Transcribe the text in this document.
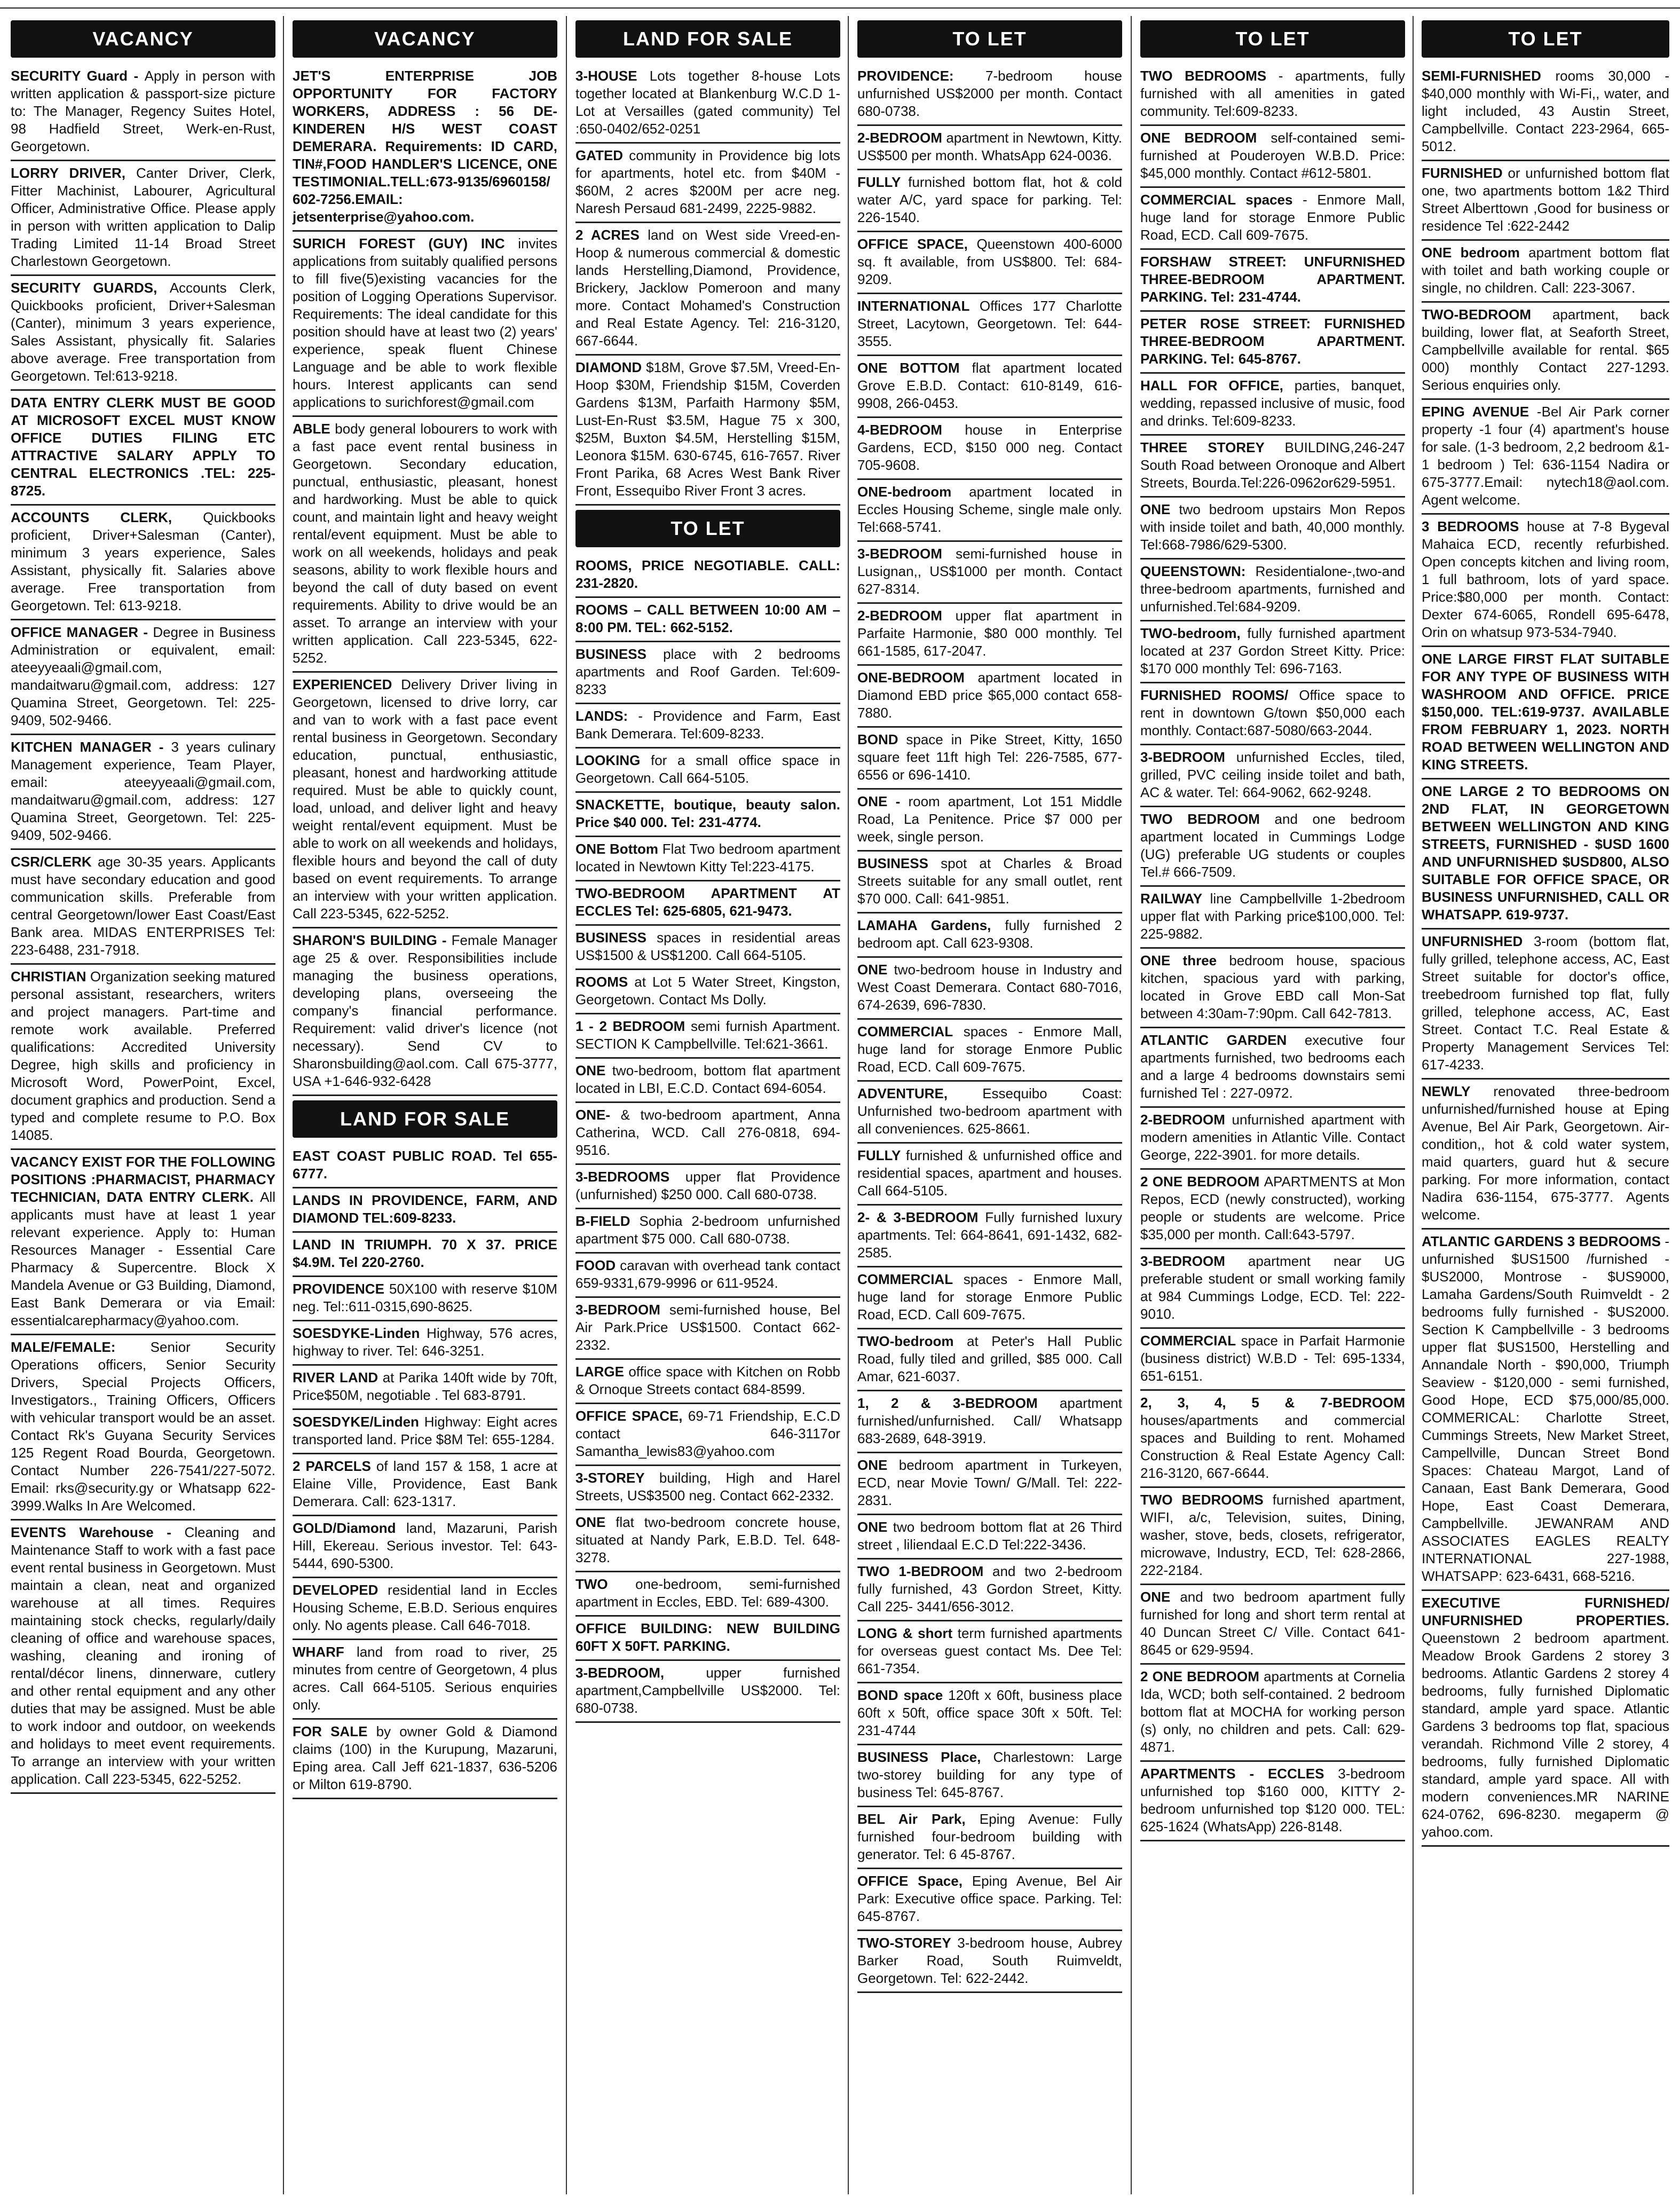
VACANCY
SECURITY Guard - Apply in person with written application & passport-size picture to: The Manager, Regency Suites Hotel, 98 Hadfield Street, Werk-en-Rust, Georgetown.
LORRY DRIVER, Canter Driver, Clerk, Fitter Machinist, Labourer, Agricultural Officer, Administrative Office. Please apply in person with written application to Dalip Trading Limited 11-14 Broad Street Charlestown Georgetown.
SECURITY GUARDS, Accounts Clerk, Quickbooks proficient, Driver+Salesman (Canter), minimum 3 years experience, Sales Assistant, physically fit. Salaries above average. Free transportation from Georgetown. Tel:613-9218.
DATA ENTRY CLERK MUST BE GOOD AT MICROSOFT EXCEL MUST KNOW OFFICE DUTIES FILING ETC ATTRACTIVE SALARY APPLY TO CENTRAL ELECTRONICS .TEL: 225-8725.
ACCOUNTS CLERK, Quickbooks proficient, Driver+Salesman (Canter), minimum 3 years experience, Sales Assistant, physically fit. Salaries above average. Free transportation from Georgetown. Tel: 613-9218.
OFFICE MANAGER - Degree in Business Administration or equivalent, email: ateeyyeaali@gmail.com, mandaitwaru@gmail.com, address: 127 Quamina Street, Georgetown. Tel: 225-9409, 502-9466.
KITCHEN MANAGER - 3 years culinary Management experience, Team Player, email: ateeyyeaali@gmail.com, mandaitwaru@gmail.com, address: 127 Quamina Street, Georgetown. Tel: 225-9409, 502-9466.
CSR/CLERK age 30-35 years. Applicants must have secondary education and good communication skills. Preferable from central Georgetown/lower East Coast/East Bank area. MIDAS ENTERPRISES Tel: 223-6488, 231-7918.
CHRISTIAN Organization seeking matured personal assistant, researchers, writers and project managers. Part-time and remote work available. Preferred qualifications: Accredited University Degree, high skills and proficiency in Microsoft Word, PowerPoint, Excel, document graphics and production. Send a typed and complete resume to P.O. Box 14085.
VACANCY EXIST FOR THE FOLLOWING POSITIONS :PHARMACIST, PHARMACY TECHNICIAN, DATA ENTRY CLERK. All applicants must have at least 1 year relevant experience. Apply to: Human Resources Manager - Essential Care Pharmacy & Supercentre. Block X Mandela Avenue or G3 Building, Diamond, East Bank Demerara or via Email: essentialcarepharmacy@yahoo.com.
MALE/FEMALE: Senior Security Operations officers, Senior Security Drivers, Special Projects Officers, Investigators., Training Officers, Officers with vehicular transport would be an asset. Contact Rk's Guyana Security Services 125 Regent Road Bourda, Georgetown. Contact Number 226-7541/227-5072. Email: rks@security.gy or Whatsapp 622-3999.Walks In Are Welcomed.
EVENTS Warehouse - Cleaning and Maintenance Staff to work with a fast pace event rental business in Georgetown. Must maintain a clean, neat and organized warehouse at all times. Requires maintaining stock checks, regularly/daily cleaning of office and warehouse spaces, washing, cleaning and ironing of rental/décor linens, dinnerware, cutlery and other rental equipment and any other duties that may be assigned. Must be able to work indoor and outdoor, on weekends and holidays to meet event requirements. To arrange an interview with your written application. Call 223-5345, 622-5252.
VACANCY
JET'S ENTERPRISE JOB OPPORTUNITY FOR FACTORY WORKERS, ADDRESS : 56 DE-KINDEREN H/S WEST COAST DEMERARA. Requirements: ID CARD, TIN#,FOOD HANDLER'S LICENCE, ONE TESTIMONIAL.TELL:673-9135/6960158/ 602-7256.EMAIL: jetsenterprise@yahoo.com.
SURICH FOREST (GUY) INC invites applications from suitably qualified persons to fill five(5)existing vacancies for the position of Logging Operations Supervisor. Requirements: The ideal candidate for this position should have at least two (2) years' experience, speak fluent Chinese Language and be able to work flexible hours. Interest applicants can send applications to surichforest@gmail.com
ABLE body general lobourers to work with a fast pace event rental business in Georgetown. Secondary education, punctual, enthusiastic, pleasant, honest and hardworking. Must be able to quick count, and maintain light and heavy weight rental/event equipment. Must be able to work on all weekends, holidays and peak seasons, ability to work flexible hours and beyond the call of duty based on event requirements. Ability to drive would be an asset. To arrange an interview with your written application. Call 223-5345, 622-5252.
EXPERIENCED Delivery Driver living in Georgetown, licensed to drive lorry, car and van to work with a fast pace event rental business in Georgetown. Secondary education, punctual, enthusiastic, pleasant, honest and hardworking attitude required. Must be able to quickly count, load, unload, and deliver light and heavy weight rental/event equipment. Must be able to work on all weekends and holidays, flexible hours and beyond the call of duty based on event requirements. To arrange an interview with your written application. Call 223-5345, 622-5252.
SHARON'S BUILDING - Female Manager age 25 & over. Responsibilities include managing the business operations, developing plans, overseeing the company's financial performance. Requirement: valid driver's licence (not necessary). Send CV to Sharonsbuilding@aol.com. Call 675-3777, USA +1-646-932-6428
LAND FOR SALE
EAST COAST PUBLIC ROAD. Tel 655-6777.
LANDS IN PROVIDENCE, FARM, AND DIAMOND TEL:609-8233.
LAND IN TRIUMPH. 70 X 37. PRICE $4.9M. Tel 220-2760.
PROVIDENCE 50X100 with reserve $10M neg. Tel::611-0315,690-8625.
SOESDYKE-Linden Highway, 576 acres, highway to river. Tel: 646-3251.
RIVER LAND at Parika 140ft wide by 70ft, Price$50M, negotiable . Tel 683-8791.
SOESDYKE/Linden Highway: Eight acres transported land. Price $8M Tel: 655-1284.
2 PARCELS of land 157 & 158, 1 acre at Elaine Ville, Providence, East Bank Demerara. Call: 623-1317.
GOLD/Diamond land, Mazaruni, Parish Hill, Ekereau. Serious investor. Tel: 643-5444, 690-5300.
DEVELOPED residential land in Eccles Housing Scheme, E.B.D. Serious enquires only. No agents please. Call 646-7018.
WHARF land from road to river, 25 minutes from centre of Georgetown, 4 plus acres. Call 664-5105. Serious enquiries only.
FOR SALE by owner Gold & Diamond claims (100) in the Kurupung, Mazaruni, Eping area. Call Jeff 621-1837, 636-5206 or Milton 619-8790.
LAND FOR SALE
3-HOUSE Lots together 8-house Lots together located at Blankenburg W.C.D 1-Lot at Versailles (gated community) Tel :650-0402/652-0251
GATED community in Providence big lots for apartments, hotel etc. from $40M - $60M, 2 acres $200M per acre neg. Naresh Persaud 681-2499, 2225-9882.
2 ACRES land on West side Vreed-en-Hoop & numerous commercial & domestic lands Herstelling,Diamond, Providence, Brickery, Jacklow Pomeroon and many more. Contact Mohamed's Construction and Real Estate Agency. Tel: 216-3120, 667-6644.
DIAMOND $18M, Grove $7.5M, Vreed-En-Hoop $30M, Friendship $15M, Coverden Gardens $13M, Parfaith Harmony $5M, Lust-En-Rust $3.5M, Hague 75 x 300, $25M, Buxton $4.5M, Herstelling $15M, Leonora $15M. 630-6745, 616-7657. River Front Parika, 68 Acres West Bank River Front, Essequibo River Front 3 acres.
TO LET
ROOMS, PRICE NEGOTIABLE. CALL: 231-2820.
ROOMS – CALL BETWEEN 10:00 AM – 8:00 PM. TEL: 662-5152.
BUSINESS place with 2 bedrooms apartments and Roof Garden. Tel:609-8233
LANDS: - Providence and Farm, East Bank Demerara. Tel:609-8233.
LOOKING for a small office space in Georgetown. Call 664-5105.
SNACKETTE, boutique, beauty salon. Price $40 000. Tel: 231-4774.
ONE Bottom Flat Two bedroom apartment located in Newtown Kitty Tel:223-4175.
TWO-BEDROOM APARTMENT AT ECCLES Tel: 625-6805, 621-9473.
BUSINESS spaces in residential areas US$1500 & US$1200. Call 664-5105.
ROOMS at Lot 5 Water Street, Kingston, Georgetown. Contact Ms Dolly.
1 - 2 BEDROOM semi furnish Apartment. SECTION K Campbellville. Tel:621-3661.
ONE two-bedroom, bottom flat apartment located in LBI, E.C.D. Contact 694-6054.
ONE- & two-bedroom apartment, Anna Catherina, WCD. Call 276-0818, 694-9516.
3-BEDROOMS upper flat Providence (unfurnished) $250 000. Call 680-0738.
B-FIELD Sophia 2-bedroom unfurnished apartment $75 000. Call 680-0738.
FOOD caravan with overhead tank contact 659-9331,679-9996 or 611-9524.
3-BEDROOM semi-furnished house, Bel Air Park.Price US$1500. Contact 662-2332.
LARGE office space with Kitchen on Robb & Ornoque Streets contact 684-8599.
OFFICE SPACE, 69-71 Friendship, E.C.D contact 646-3117or Samantha_lewis83@yahoo.com
3-STOREY building, High and Harel Streets, US$3500 neg. Contact 662-2332.
ONE flat two-bedroom concrete house, situated at Nandy Park, E.B.D. Tel. 648-3278.
TWO one-bedroom, semi-furnished apartment in Eccles, EBD. Tel: 689-4300.
OFFICE BUILDING: NEW BUILDING 60FT X 50FT. PARKING.
3-BEDROOM, upper furnished apartment,Campbellville US$2000. Tel: 680-0738.
TO LET
PROVIDENCE: 7-bedroom house unfurnished US$2000 per month. Contact 680-0738.
2-BEDROOM apartment in Newtown, Kitty. US$500 per month. WhatsApp 624-0036.
FULLY furnished bottom flat, hot & cold water A/C, yard space for parking. Tel: 226-1540.
OFFICE SPACE, Queenstown 400-6000 sq. ft available, from US$800. Tel: 684-9209.
INTERNATIONAL Offices 177 Charlotte Street, Lacytown, Georgetown. Tel: 644-3555.
ONE BOTTOM flat apartment located Grove E.B.D. Contact: 610-8149, 616-9908, 266-0453.
4-BEDROOM house in Enterprise Gardens, ECD, $150 000 neg. Contact 705-9608.
ONE-bedroom apartment located in Eccles Housing Scheme, single male only. Tel:668-5741.
3-BEDROOM semi-furnished house in Lusignan,, US$1000 per month. Contact 627-8314.
2-BEDROOM upper flat apartment in Parfaite Harmonie, $80 000 monthly. Tel 661-1585, 617-2047.
ONE-BEDROOM apartment located in Diamond EBD price $65,000 contact 658-7880.
BOND space in Pike Street, Kitty, 1650 square feet 11ft high Tel: 226-7585, 677-6556 or 696-1410.
ONE - room apartment, Lot 151 Middle Road, La Penitence. Price $7 000 per week, single person.
BUSINESS spot at Charles & Broad Streets suitable for any small outlet, rent $70 000. Call: 641-9851.
LAMAHA Gardens, fully furnished 2 bedroom apt. Call 623-9308.
ONE two-bedroom house in Industry and West Coast Demerara. Contact 680-7016, 674-2639, 696-7830.
COMMERCIAL spaces - Enmore Mall, huge land for storage Enmore Public Road, ECD. Call 609-7675.
ADVENTURE, Essequibo Coast: Unfurnished two-bedroom apartment with all conveniences. 625-8661.
FULLY furnished & unfurnished office and residential spaces, apartment and houses. Call 664-5105.
2- & 3-BEDROOM Fully furnished luxury apartments. Tel: 664-8641, 691-1432, 682-2585.
COMMERCIAL spaces - Enmore Mall, huge land for storage Enmore Public Road, ECD. Call 609-7675.
TWO-bedroom at Peter's Hall Public Road, fully tiled and grilled, $85 000. Call Amar, 621-6037.
1, 2 & 3-BEDROOM apartment furnished/unfurnished. Call/ Whatsapp 683-2689, 648-3919.
ONE bedroom apartment in Turkeyen, ECD, near Movie Town/ G/Mall. Tel: 222-2831.
ONE two bedroom bottom flat at 26 Third street , liliendaal E.C.D Tel:222-3436.
TWO 1-BEDROOM and two 2-bedroom fully furnished, 43 Gordon Street, Kitty. Call 225- 3441/656-3012.
LONG & short term furnished apartments for overseas guest contact Ms. Dee Tel: 661-7354.
BOND space 120ft x 60ft, business place 60ft x 50ft, office space 30ft x 50ft. Tel: 231-4744
BUSINESS Place, Charlestown: Large two-storey building for any type of business Tel: 645-8767.
BEL Air Park, Eping Avenue: Fully furnished four-bedroom building with generator. Tel: 6 45-8767.
OFFICE Space, Eping Avenue, Bel Air Park: Executive office space. Parking. Tel: 645-8767.
TWO-STOREY 3-bedroom house, Aubrey Barker Road, South Ruimveldt, Georgetown. Tel: 622-2442.
TO LET
TWO BEDROOMS - apartments, fully furnished with all amenities in gated community. Tel:609-8233.
ONE BEDROOM self-contained semi-furnished at Pouderoyen W.B.D. Price: $45,000 monthly. Contact #612-5801.
COMMERCIAL spaces - Enmore Mall, huge land for storage Enmore Public Road, ECD. Call 609-7675.
FORSHAW STREET: UNFURNISHED THREE-BEDROOM APARTMENT. PARKING. Tel: 231-4744.
PETER ROSE STREET: FURNISHED THREE-BEDROOM APARTMENT. PARKING. Tel: 645-8767.
HALL FOR OFFICE, parties, banquet, wedding, repassed inclusive of music, food and drinks. Tel:609-8233.
THREE STOREY BUILDING,246-247 South Road between Oronoque and Albert Streets, Bourda.Tel:226-0962or629-5951.
ONE two bedroom upstairs Mon Repos with inside toilet and bath, 40,000 monthly. Tel:668-7986/629-5300.
QUEENSTOWN: Residentialone-,two-and three-bedroom apartments, furnished and unfurnished.Tel:684-9209.
TWO-bedroom, fully furnished apartment located at 237 Gordon Street Kitty. Price: $170 000 monthly Tel: 696-7163.
FURNISHED ROOMS/ Office space to rent in downtown G/town $50,000 each monthly. Contact:687-5080/663-2044.
3-BEDROOM unfurnished Eccles, tiled, grilled, PVC ceiling inside toilet and bath, AC & water. Tel: 664-9062, 662-9248.
TWO BEDROOM and one bedroom apartment located in Cummings Lodge (UG) preferable UG students or couples Tel.# 666-7509.
RAILWAY line Campbellville 1-2bedroom upper flat with Parking price$100,000. Tel: 225-9882.
ONE three bedroom house, spacious kitchen, spacious yard with parking, located in Grove EBD call Mon-Sat between 4:30am-7:90pm. Call 642-7813.
ATLANTIC GARDEN executive four apartments furnished, two bedrooms each and a large 4 bedrooms downstairs semi furnished Tel : 227-0972.
2-BEDROOM unfurnished apartment with modern amenities in Atlantic Ville. Contact George, 222-3901. for more details.
2 ONE BEDROOM APARTMENTS at Mon Repos, ECD (newly constructed), working people or students are welcome. Price $35,000 per month. Call:643-5797.
3-BEDROOM apartment near UG preferable student or small working family at 984 Cummings Lodge, ECD. Tel: 222-9010.
COMMERCIAL space in Parfait Harmonie (business district) W.B.D - Tel: 695-1334, 651-6151.
2, 3, 4, 5 & 7-BEDROOM houses/apartments and commercial spaces and Building to rent. Mohamed Construction & Real Estate Agency Call: 216-3120, 667-6644.
TWO BEDROOMS furnished apartment, WIFI, a/c, Television, suites, Dining, washer, stove, beds, closets, refrigerator, microwave, Industry, ECD, Tel: 628-2866, 222-2184.
ONE and two bedroom apartment fully furnished for long and short term rental at 40 Duncan Street C/ Ville. Contact 641-8645 or 629-9594.
2 ONE BEDROOM apartments at Cornelia Ida, WCD; both self-contained. 2 bedroom bottom flat at MOCHA for working person (s) only, no children and pets. Call: 629-4871.
APARTMENTS - ECCLES 3-bedroom unfurnished top $160 000, KITTY 2-bedroom unfurnished top $120 000. TEL: 625-1624 (WhatsApp) 226-8148.
TO LET
SEMI-FURNISHED rooms 30,000 - $40,000 monthly with Wi-Fi,, water, and light included, 43 Austin Street, Campbellville. Contact 223-2964, 665-5012.
FURNISHED or unfurnished bottom flat one, two apartments bottom 1&2 Third Street Alberttown ,Good for business or residence Tel :622-2442
ONE bedroom apartment bottom flat with toilet and bath working couple or single, no children. Call: 223-3067.
TWO-BEDROOM apartment, back building, lower flat, at Seaforth Street, Campbellville available for rental. $65 000) monthly Contact 227-1293. Serious enquiries only.
EPING AVENUE -Bel Air Park corner property -1 four (4) apartment's house for sale. (1-3 bedroom, 2,2 bedroom &1-1 bedroom ) Tel: 636-1154 Nadira or 675-3777.Email: nytech18@aol.com. Agent welcome.
3 BEDROOMS house at 7-8 Bygeval Mahaica ECD, recently refurbished. Open concepts kitchen and living room, 1 full bathroom, lots of yard space. Price:$80,000 per month. Contact: Dexter 674-6065, Rondell 695-6478, Orin on whatsup 973-534-7940.
ONE LARGE FIRST FLAT SUITABLE FOR ANY TYPE OF BUSINESS WITH WASHROOM AND OFFICE. PRICE $150,000. TEL:619-9737. AVAILABLE FROM FEBRUARY 1, 2023. NORTH ROAD BETWEEN WELLINGTON AND KING STREETS.
ONE LARGE 2 TO BEDROOMS ON 2ND FLAT, IN GEORGETOWN BETWEEN WELLINGTON AND KING STREETS, FURNISHED - $USD 1600 AND UNFURNISHED $USD800, ALSO SUITABLE FOR OFFICE SPACE, OR BUSINESS UNFURNISHED, CALL OR WHATSAPP. 619-9737.
UNFURNISHED 3-room (bottom flat, fully grilled, telephone access, AC, East Street suitable for doctor's office, treebedroom furnished top flat, fully grilled, telephone access, AC, East Street. Contact T.C. Real Estate & Property Management Services Tel: 617-4233.
NEWLY renovated three-bedroom unfurnished/furnished house at Eping Avenue, Bel Air Park, Georgetown. Air-condition,, hot & cold water system, maid quarters, guard hut & secure parking. For more information, contact Nadira 636-1154, 675-3777. Agents welcome.
ATLANTIC GARDENS 3 BEDROOMS - unfurnished $US1500 /furnished - $US2000, Montrose - $US9000, Lamaha Gardens/South Ruimveldt - 2 bedrooms fully furnished - $US2000. Section K Campbellville - 3 bedrooms upper flat $US1500, Herstelling and Annandale North - $90,000, Triumph Seaview - $120,000 - semi furnished, Good Hope, ECD $75,000/85,000. COMMERICAL: Charlotte Street, Cummings Streets, New Market Street, Campellville, Duncan Street Bond Spaces: Chateau Margot, Land of Canaan, East Bank Demerara, Good Hope, East Coast Demerara, Campbellville. JEWANRAM AND ASSOCIATES EAGLES REALTY INTERNATIONAL 227-1988, WHATSAPP: 623-6431, 668-5216.
EXECUTIVE FURNISHED/ UNFURNISHED PROPERTIES. Queenstown 2 bedroom apartment. Meadow Brook Gardens 2 storey 3 bedrooms. Atlantic Gardens 2 storey 4 bedrooms, fully furnished Diplomatic standard, ample yard space. Atlantic Gardens 3 bedrooms top flat, spacious verandah. Richmond Ville 2 storey, 4 bedrooms, fully furnished Diplomatic standard, ample yard space. All with modern conveniences.MR NARINE 624-0762, 696-8230. megaperm @ yahoo.com.
